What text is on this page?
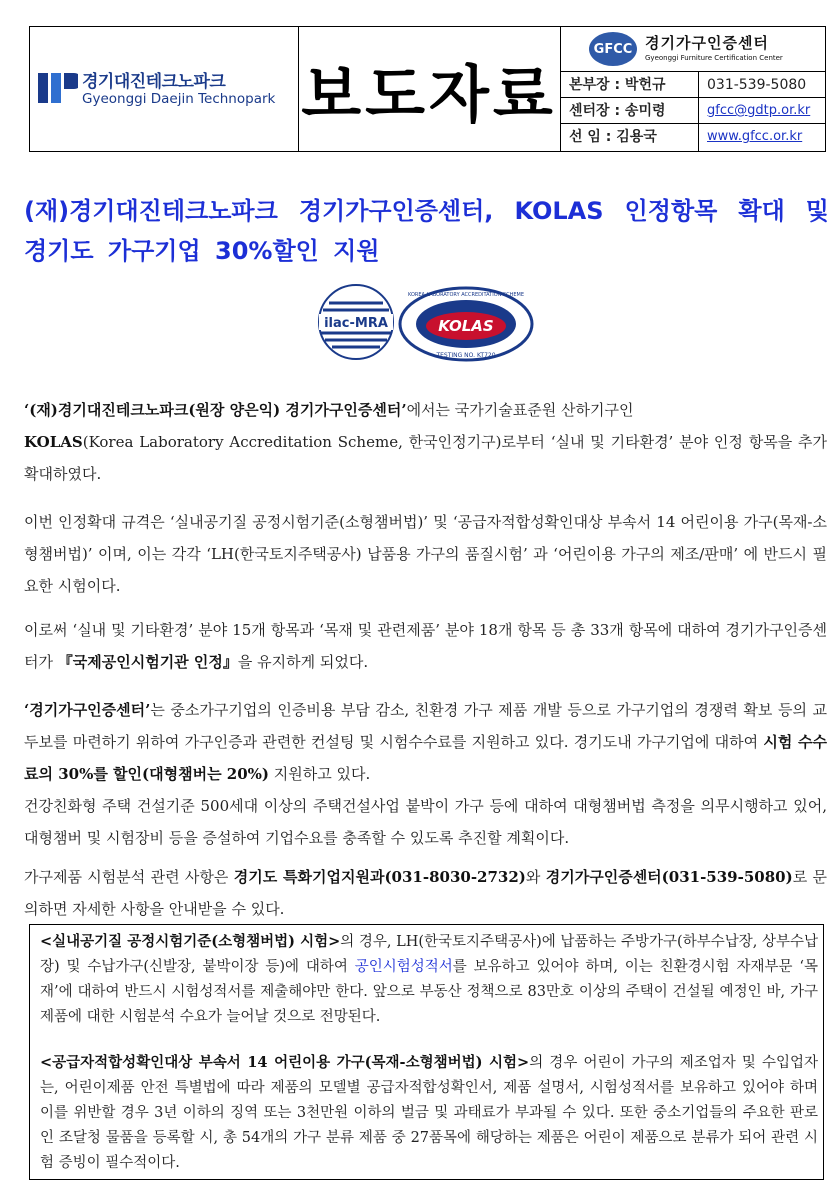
경기대진테크노파크
Gyeonggi Daejin Technopark 보도자료
GFCC 경기가구인증센터
Gyeonggi Furniture Certification Center
본부장 : 박헌규	031-539-5080
센터장 : 송미령	gfcc@gdtp.or.kr
선 임 : 김용국	www.gfcc.or.kr
(재)경기대진테크노파크 경기가구인증센터, KOLAS 인정항목 확대 및 경기도 가구기업 30%할인 지원
ilac-MRA	KOLAS
KOREA LABORATORY ACCREDITATION SCHEME
TESTING NO. KT720
‘(재)경기대진테크노파크(원장 양은익) 경기가구인증센터’에서는 국가기술표준원 산하기구인
KOLAS(Korea Laboratory Accreditation Scheme, 한국인정기구)로부터 ‘실내 및 기타환경’ 분야 인정 항목을 추가 확대하였다.
이번 인정확대 규격은 ‘실내공기질 공정시험기준(소형챔버법)’ 및 ‘공급자적합성확인대상 부속서 14 어린이용 가구(목재-소형챔버법)’ 이며, 이는 각각 ‘LH(한국토지주택공사) 납품용 가구의 품질시험’ 과 ‘어린이용 가구의 제조/판매’ 에 반드시 필요한 시험이다.
이로써 ‘실내 및 기타환경’ 분야 15개 항목과 ‘목재 및 관련제품’ 분야 18개 항목 등 총 33개 항목에 대하여 경기가구인증센터가 『국제공인시험기관 인정』을 유지하게 되었다.
‘경기가구인증센터’는 중소가구기업의 인증비용 부담 감소, 친환경 가구 제품 개발 등으로 가구기업의 경쟁력 확보 등의 교두보를 마련하기 위하여 가구인증과 관련한 컨설팅 및 시험수수료를 지원하고 있다. 경기도내 가구기업에 대하여 시험 수수료의 30%를 할인(대형챔버는 20%) 지원하고 있다.
건강친화형 주택 건설기준 500세대 이상의 주택건설사업 붙박이 가구 등에 대하여 대형챔버법 측정을 의무시행하고 있어, 대형챔버 및 시험장비 등을 증설하여 기업수요를 충족할 수 있도록 추진할 계획이다.
가구제품 시험분석 관련 사항은 경기도 특화기업지원과(031-8030-2732)와 경기가구인증센터(031-539-5080)로 문의하면 자세한 사항을 안내받을 수 있다.
<실내공기질 공정시험기준(소형챔버법) 시험>의 경우, LH(한국토지주택공사)에 납품하는 주방가구(하부수납장, 상부수납장) 및 수납가구(신발장, 붙박이장 등)에 대하여 공인시험성적서를 보유하고 있어야 하며, 이는 친환경시험 자재부문 ‘목재’에 대하여 반드시 시험성적서를 제출해야만 한다. 앞으로 부동산 정책으로 83만호 이상의 주택이 건설될 예정인 바, 가구 제품에 대한 시험분석 수요가 늘어날 것으로 전망된다.
<공급자적합성확인대상 부속서 14 어린이용 가구(목재-소형챔버법) 시험>의 경우 어린이 가구의 제조업자 및 수입업자는, 어린이제품 안전 특별법에 따라 제품의 모델별 공급자적합성확인서, 제품 설명서, 시험성적서를 보유하고 있어야 하며 이를 위반할 경우 3년 이하의 징역 또는 3천만원 이하의 벌금 및 과태료가 부과될 수 있다. 또한 중소기업들의 주요한 판로인 조달청 물품을 등록할 시, 총 54개의 가구 분류 제품 중 27품목에 해당하는 제품은 어린이 제품으로 분류가 되어 관련 시험 증빙이 필수적이다.
